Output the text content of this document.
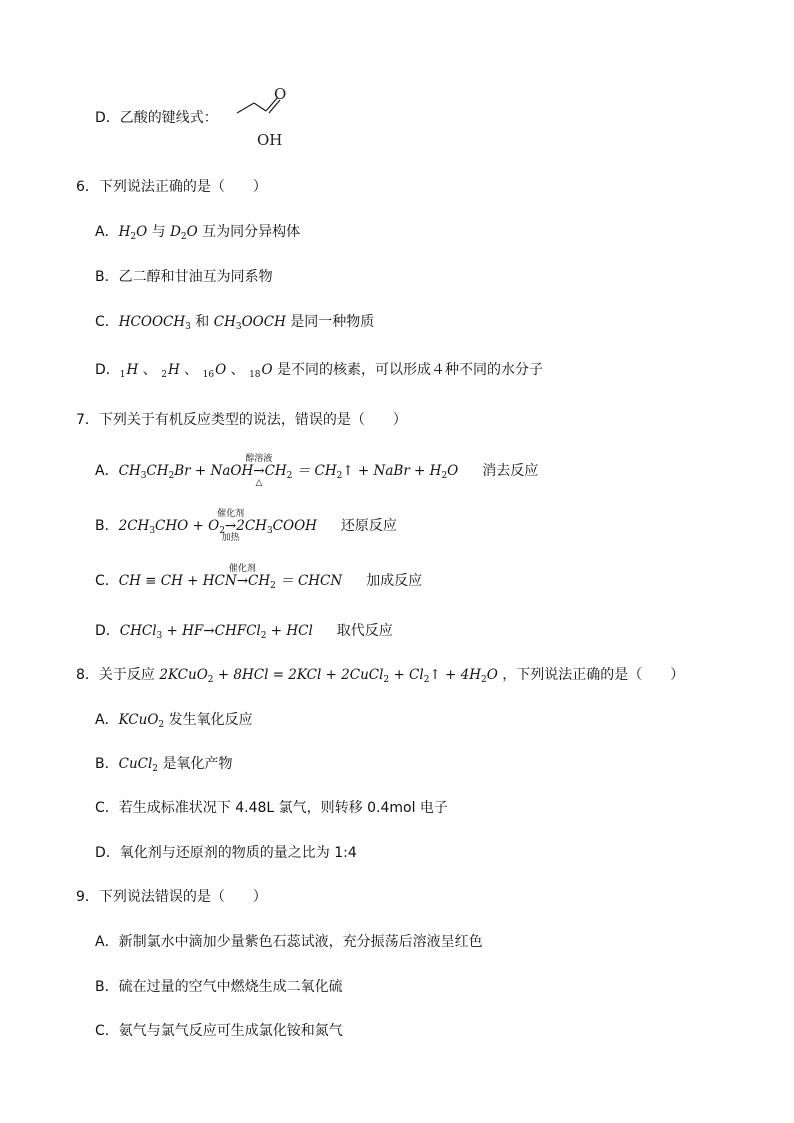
D．乙酸的键线式：
O
OH
6．下列说法正确的是（　　）
A．$H_2O$ 与 $D_2O$ 互为同分异构体
B．乙二醇和甘油互为同系物
C．$HCOOCH_3$ 和 $CH_3OOCH$ 是同一种物质
D．1H 、 2H 、 16O 、 18O 是不同的核素，可以形成４种不同的水分子
7．下列关于有机反应类型的说法，错误的是（　　）
A．$CH_3CH_2Br$ + NaOH
醇溶液
→
△
$CH_2$ ＝ $CH_2↑$ + NaBr + $H_2O$ 消去反应
B．$2CH_3CHO + O_2$
催化剂
→
加热
$2CH_3COOH$ 还原反应
C．CH ≡ CH + HCN
催化剂
$\to CH_2$ ＝ CHCN 加成反应
D．CHCl$_3$ + HF→CHFCl$_2$ + HCl 取代反应
8．关于反应 2KCuO$_2$ + 8HCl = 2KCl + 2CuCl$_2$ + $Cl_2↑ + 4H_2O$ ，下列说法正确的是（　　）
A．KCuO$_2$ 发生氧化反应
B．CuCl$_2$ 是氧化产物
C．若生成标准状况下 4.48L 氯气，则转移 0.4mol 电子
D．氧化剂与还原剂的物质的量之比为 1:4
9．下列说法错误的是（　　）
A．新制氯水中滴加少量紫色石蕊试液，充分振荡后溶液呈红色
B．硫在过量的空气中燃烧生成二氧化硫
C．氨气与氯气反应可生成氯化铵和氮气
